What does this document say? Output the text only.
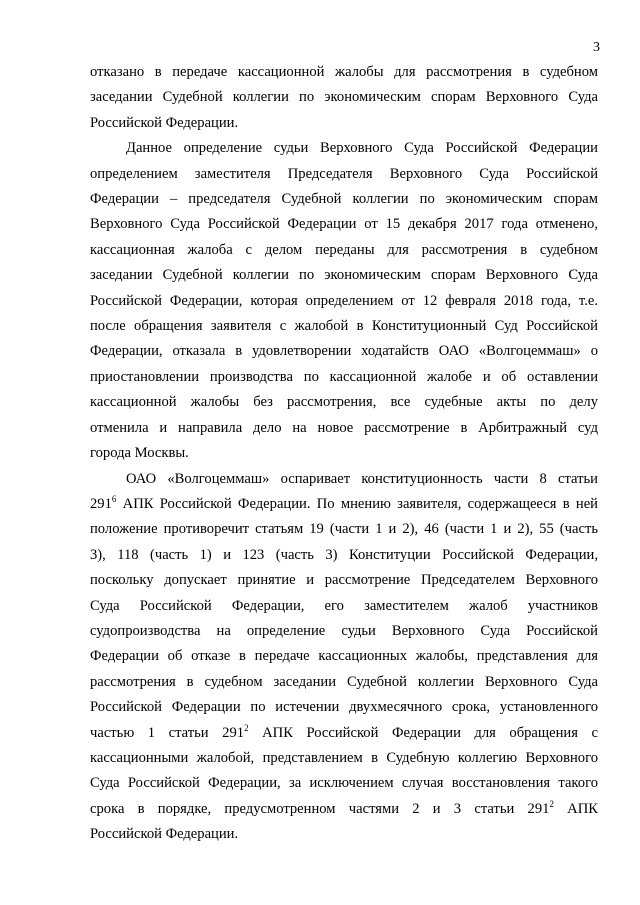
3

отказано в передаче кассационной жалобы для рассмотрения в судебном
заседании Судебной коллегии по экономическим спорам Верховного Суда
Российской Федерации.

Данное определение судьи Верховного Суда Российской Федерации
определением заместителя Председателя Верховного Суда Российской
Федерации – председателя Судебной коллегии по экономическим спорам
Верховного Суда Российской Федерации от 15 декабря 2017 года отменено,
кассационная жалоба с делом переданы для рассмотрения в судебном
заседании Судебной коллегии по экономическим спорам Верховного Суда
Российской Федерации, которая определением от 12 февраля 2018 года, т.е.
после обращения заявителя с жалобой в Конституционный Суд Российской
Федерации, отказала в удовлетворении ходатайств ОАО «Волгоцеммаш» о
приостановлении производства по кассационной жалобе и об оставлении
кассационной жалобы без рассмотрения, все судебные акты по делу
отменила и направила дело на новое рассмотрение в Арбитражный суд
города Москвы.

ОАО «Волгоцеммаш» оспаривает конституционность части 8 статьи
$291^6$ АПК Российской Федерации. По мнению заявителя, содержащееся в ней
положение противоречит статьям 19 (части 1 и 2), 46 (части 1 и 2), 55 (часть
3), 118 (часть 1) и 123 (часть 3) Конституции Российской Федерации,
поскольку допускает принятие и рассмотрение Председателем Верховного
Суда Российской Федерации, его заместителем жалоб участников
судопроизводства на определение судьи Верховного Суда Российской
Федерации об отказе в передаче кассационных жалобы, представления для
рассмотрения в судебном заседании Судебной коллегии Верховного Суда
Российской Федерации по истечении двухмесячного срока, установленного
частью 1 статьи $291^2$ АПК Российской Федерации для обращения с
кассационными жалобой, представлением в Судебную коллегию Верховного
Суда Российской Федерации, за исключением случая восстановления такого
срока в порядке, предусмотренном частями 2 и 3 статьи $291^2$ АПК
Российской Федерации.
